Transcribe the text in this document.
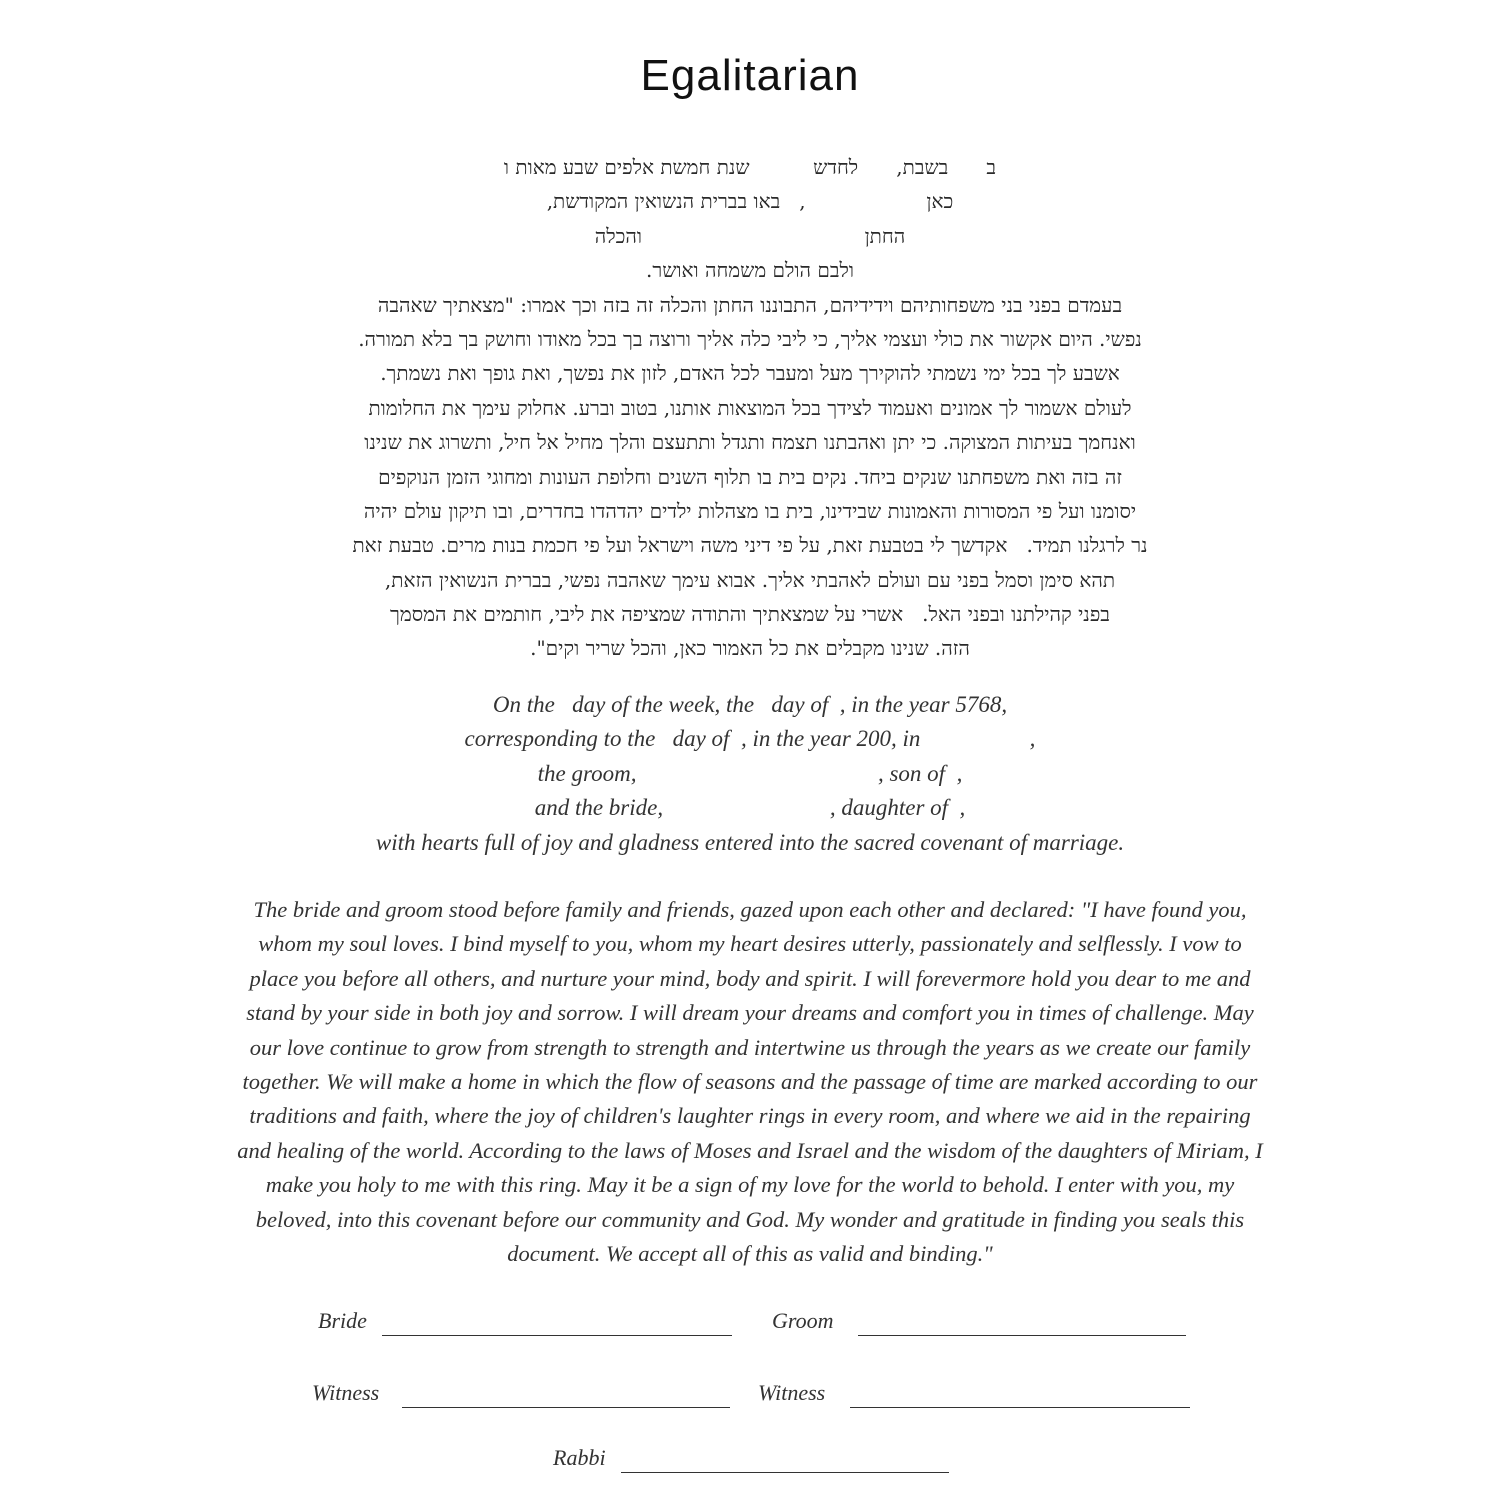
Egalitarian
ב      בשבת,      לחדש          שנת חמשת אלפים שבע מאות ו
כאן                   ,   באו בברית הנשואין המקודשת,
החתן                                   והכלה
ולבם הולם משמחה ואושר.
בעמדם בפני בני משפחותיהם וידידיהם, התבוננו החתן והכלה זה בזה וכך אמרו: "מצאתיך שאהבה
נפשי. היום אקשור את כולי ועצמי אליך, כי ליבי כלה אליך ורוצה בך בכל מאודו וחושק בך בלא תמורה.
אשבע לך בכל ימי נשמתי להוקירך מעל ומעבר לכל האדם, לזון את נפשך, ואת גופך ואת נשמתך.
לעולם אשמור לך אמונים ואעמוד לצידך בכל המוצאות אותנו, בטוב וברע. אחלוק עימך את החלומות
ואנחמך בעיתות המצוקה. כי יתן ואהבתנו תצמח ותגדל ותתעצם והלך מחיל אל חיל, ותשרוג את שנינו
זה בזה ואת משפחתנו שנקים ביחד. נקים בית בו תלוף השנים וחלופת העונות ומחוגי הזמן הנוקפים
יסומנו ועל פי המסורות והאמונות שבידינו, בית בו מצהלות ילדים יהדהדו בחדרים, ובו תיקון עולם יהיה
נר לרגלנו תמיד.   אקדשך לי בטבעת זאת, על פי דיני משה וישראל ועל פי חכמת בנות מרים. טבעת זאת
תהא סימן וסמל בפני עם ועולם לאהבתי אליך. אבוא עימך שאהבה נפשי, בברית הנשואין הזאת,
בפני קהילתנו ובפני האל.   אשרי על שמצאתיך והתודה שמציפה את ליבי, חותמים את המסמך
הזה. שנינו מקבלים את כל האמור כאן, והכל שריר וקים".
On the   day of the week, the   day of  , in the year 5768,
corresponding to the   day of  , in the year 200, in                   ,
the groom,                                          , son of  ,
and the bride,                             , daughter of  ,
with hearts full of joy and gladness entered into the sacred covenant of marriage.
The bride and groom stood before family and friends, gazed upon each other and declared: "I have found you,
whom my soul loves. I bind myself to you, whom my heart desires utterly, passionately and selflessly. I vow to
place you before all others, and nurture your mind, body and spirit. I will forevermore hold you dear to me and
stand by your side in both joy and sorrow. I will dream your dreams and comfort you in times of challenge. May
our love continue to grow from strength to strength and intertwine us through the years as we create our family
together. We will make a home in which the flow of seasons and the passage of time are marked according to our
traditions and faith, where the joy of children's laughter rings in every room, and where we aid in the repairing
and healing of the world. According to the laws of Moses and Israel and the wisdom of the daughters of Miriam, I
make you holy to me with this ring. May it be a sign of my love for the world to behold. I enter with you, my
beloved, into this covenant before our community and God. My wonder and gratitude in finding you seals this
document. We accept all of this as valid and binding."
Bride	Groom
Witness	Witness
Rabbi
